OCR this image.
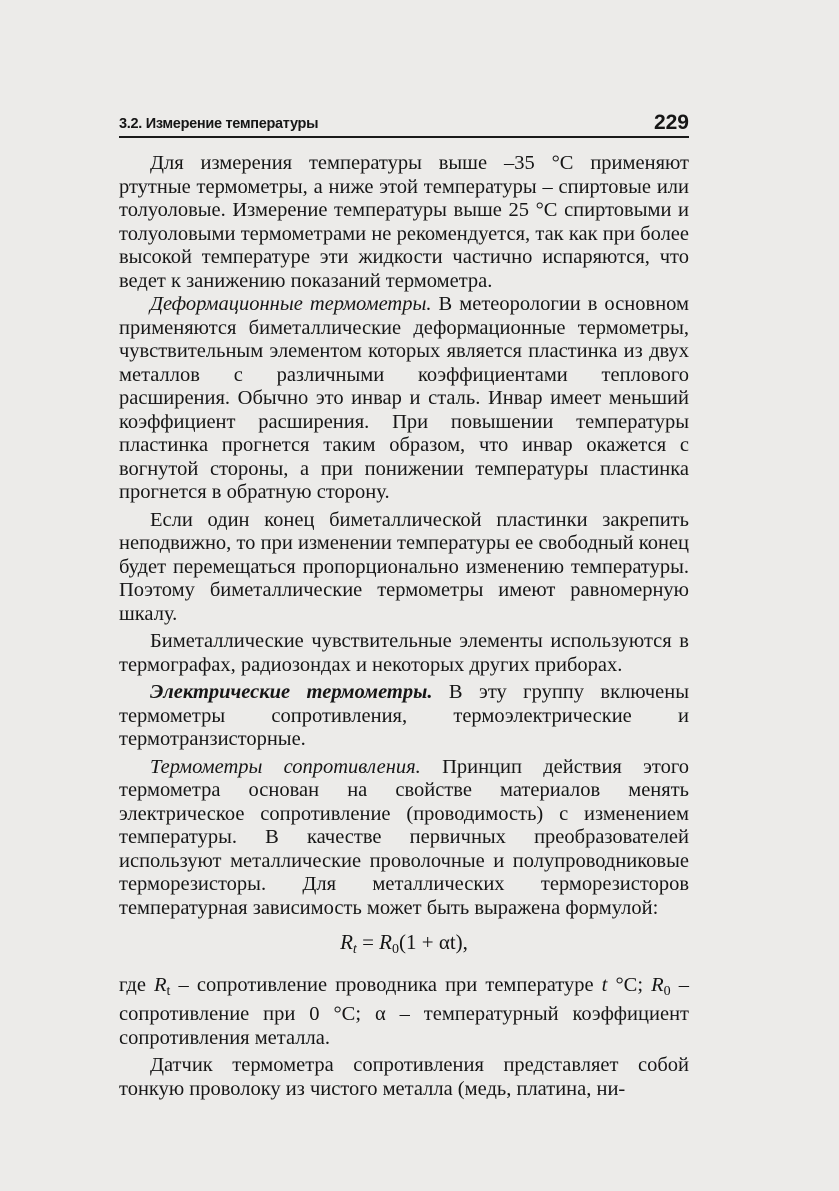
3.2. Измерение температуры	229

Для измерения температуры выше –35 °С применяют ртутные термометры, а ниже этой температуры – спиртовые или толуоловые. Измерение температуры выше 25 °С спиртовыми и толуоловыми термометрами не рекомендуется, так как при более высокой температуре эти жидкости частично испаряются, что ведет к занижению показаний термометра.

Деформационные термометры. В метеорологии в основном применяются биметаллические деформационные термометры, чувствительным элементом которых является пластинка из двух металлов с различными коэффициентами теплового расширения. Обычно это инвар и сталь. Инвар имеет меньший коэффициент расширения. При повышении температуры пластинка прогнется таким образом, что инвар окажется с вогнутой стороны, а при понижении температуры пластинка прогнется в обратную сторону.

Если один конец биметаллической пластинки закрепить неподвижно, то при изменении температуры ее свободный конец будет перемещаться пропорционально изменению температуры. Поэтому биметаллические термометры имеют равномерную шкалу.

Биметаллические чувствительные элементы используются в термографах, радиозондах и некоторых других приборах.

Электрические термометры. В эту группу включены термометры сопротивления, термоэлектрические и термотранзисторные.

Термометры сопротивления. Принцип действия этого термометра основан на свойстве материалов менять электрическое сопротивление (проводимость) с изменением температуры. В качестве первичных преобразователей используют металлические проволочные и полупроводниковые терморезисторы. Для металлических терморезисторов температурная зависимость может быть выражена формулой:

$R_t = R_0(1 + \alpha t)$,

где $R_t$ – сопротивление проводника при температуре t °С; $R_0$ – сопротивление при 0 °С; α – температурный коэффициент сопротивления металла.

Датчик термометра сопротивления представляет собой тонкую проволоку из чистого металла (медь, платина, ни-
